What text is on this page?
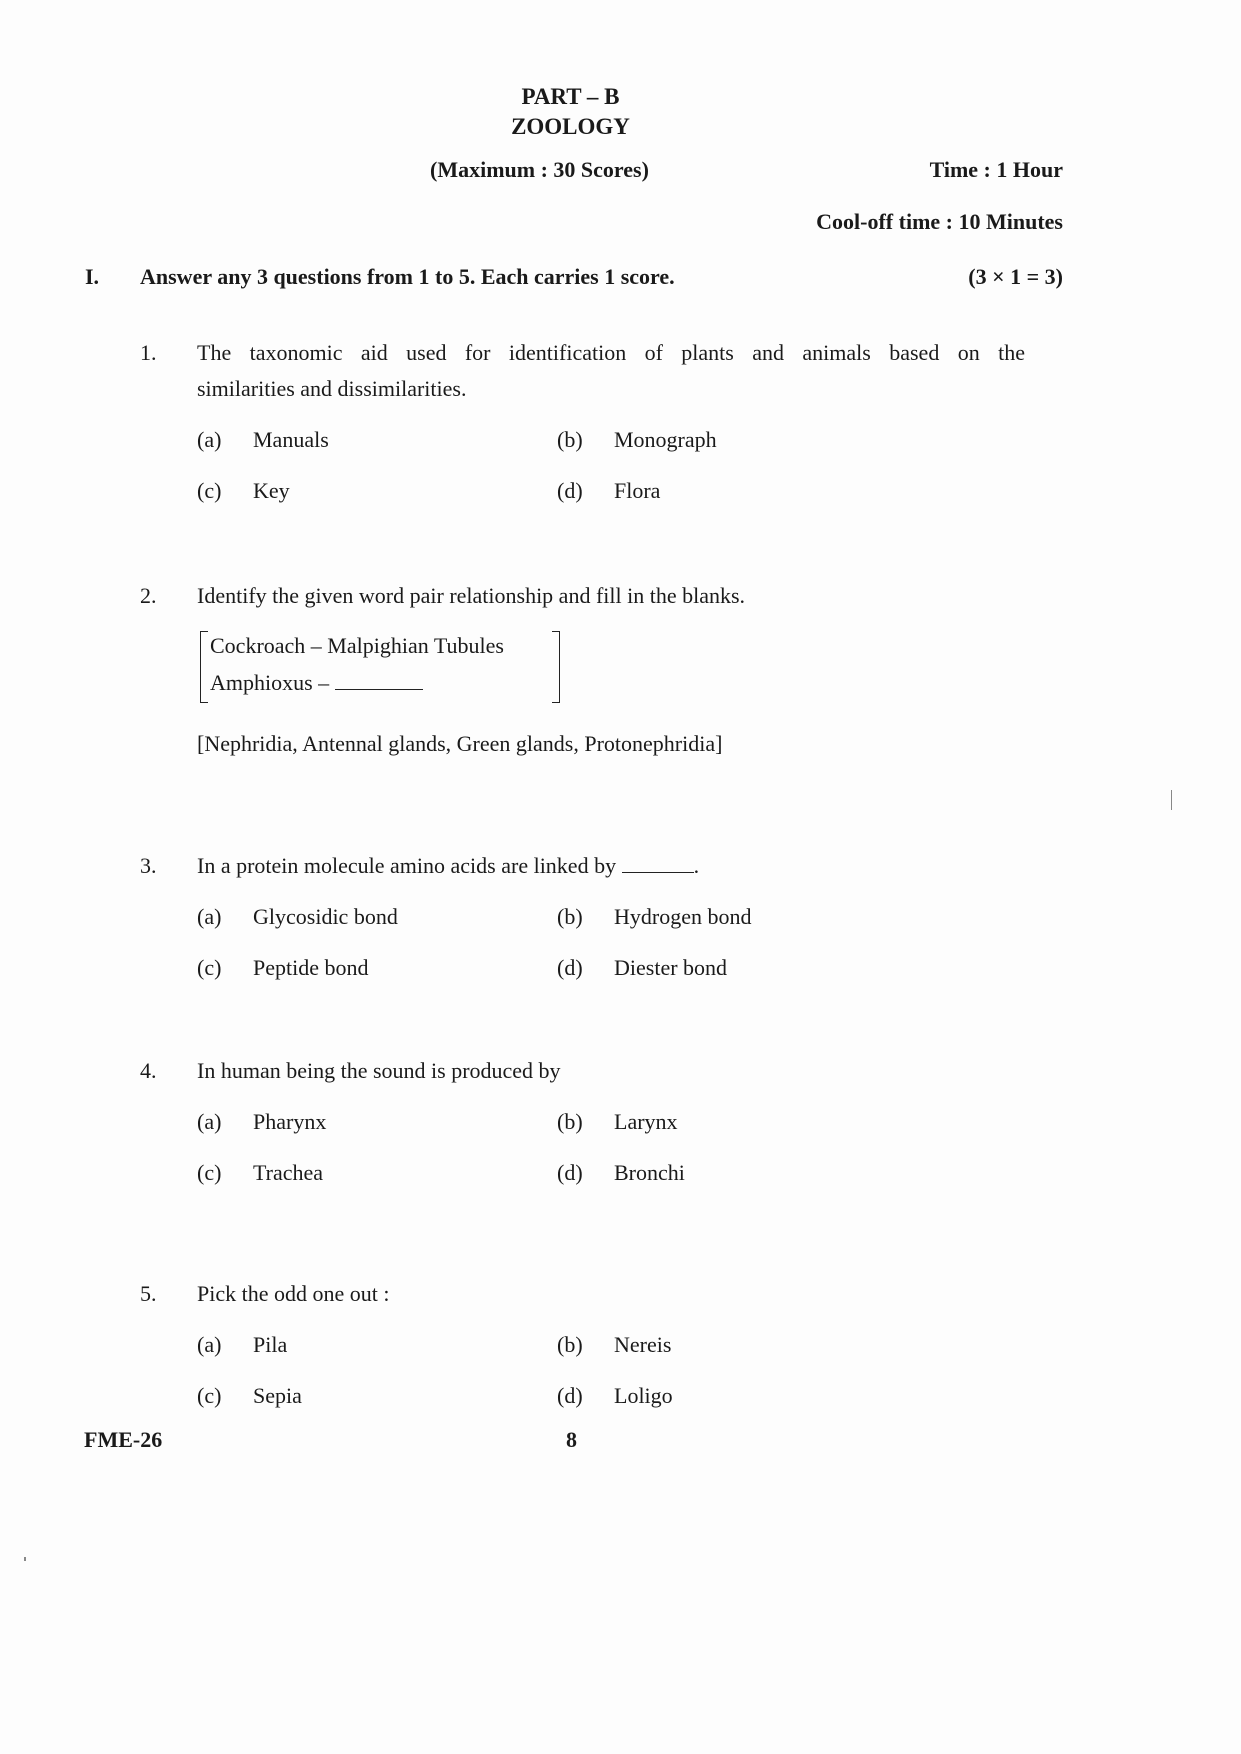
PART – B
ZOOLOGY
(Maximum : 30 Scores)	Time : 1 Hour
Cool-off time : 10 Minutes
I. Answer any 3 questions from 1 to 5. Each carries 1 score.	(3 × 1 = 3)
1. The taxonomic aid used for identification of plants and animals based on the
similarities and dissimilarities.
(a) Manuals	(b) Monograph
(c) Key	(d) Flora
2. Identify the given word pair relationship and fill in the blanks.
Cockroach – Malpighian Tubules
Amphioxus –
[Nephridia, Antennal glands, Green glands, Protonephridia]
3. In a protein molecule amino acids are linked by	.
(a) Glycosidic bond	(b) Hydrogen bond
(c) Peptide bond	(d) Diester bond
4. In human being the sound is produced by
(a) Pharynx	(b) Larynx
(c) Trachea	(d) Bronchi
5. Pick the odd one out :
(a) Pila	(b) Nereis
(c) Sepia	(d) Loligo
FME-26	8
